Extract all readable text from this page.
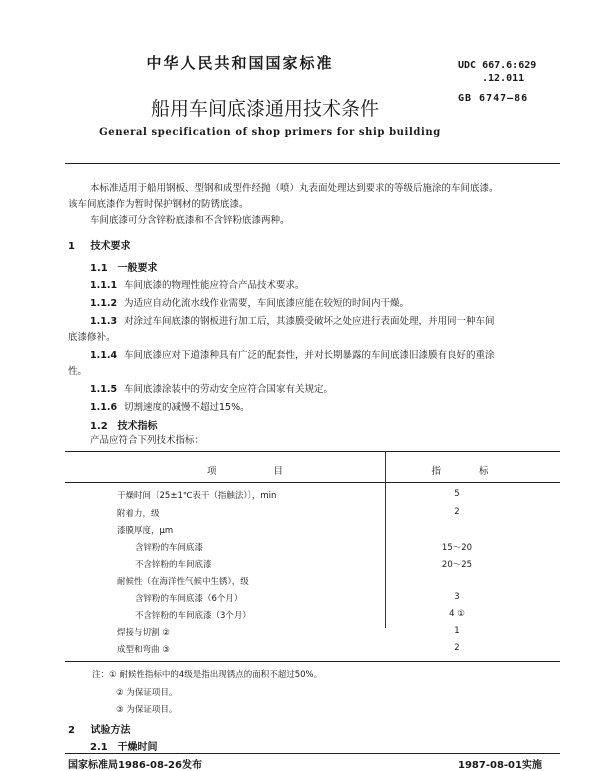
中华人民共和国国家标准	UDC 667.6:629
.12.011
船用车间底漆通用技术条件	GB 6747—86
General specification of shop primers for ship building
本标准适用于船用钢板、型钢和成型件经抛（喷）丸表面处理达到要求的等级后施涂的车间底漆。
该车间底漆作为暂时保护钢材的防锈底漆。
车间底漆可分含锌粉底漆和不含锌粉底漆两种。
1 技术要求
1.1 一般要求
1.1.1 车间底漆的物理性能应符合产品技术要求。
1.1.2 为适应自动化流水线作业需要，车间底漆应能在较短的时间内干燥。
1.1.3 对涂过车间底漆的钢板进行加工后，其漆膜受破坏之处应进行表面处理，并用同一种车间
底漆修补。
1.1.4 车间底漆应对下道漆种具有广泛的配套性，并对长期暴露的车间底漆旧漆膜有良好的重涂
性。
1.1.5 车间底漆涂装中的劳动安全应符合国家有关规定。
1.1.6 切割速度的减慢不超过15%。
1.2 技术指标
产品应符合下列技术指标：
项　　　　　　目	指　　　　标
干燥时间〔25±1℃表干（指触法）〕，min	5
附着力，级	2
漆膜厚度，μm
含锌粉的车间底漆	15～20
不含锌粉的车间底漆	20～25
耐候性（在海洋性气候中生锈），级
含锌粉的车间底漆（6个月）	3
不含锌粉的车间底漆（3个月）	4 ①
焊接与切割 ②	1
成型和弯曲 ③	2
注：① 耐候性指标中的4级是指出现锈点的面积不超过50%。
② 为保证项目。
③ 为保证项目。
2 试验方法
2.1 干燥时间
国家标准局1986-08-26发布	1987-08-01实施
